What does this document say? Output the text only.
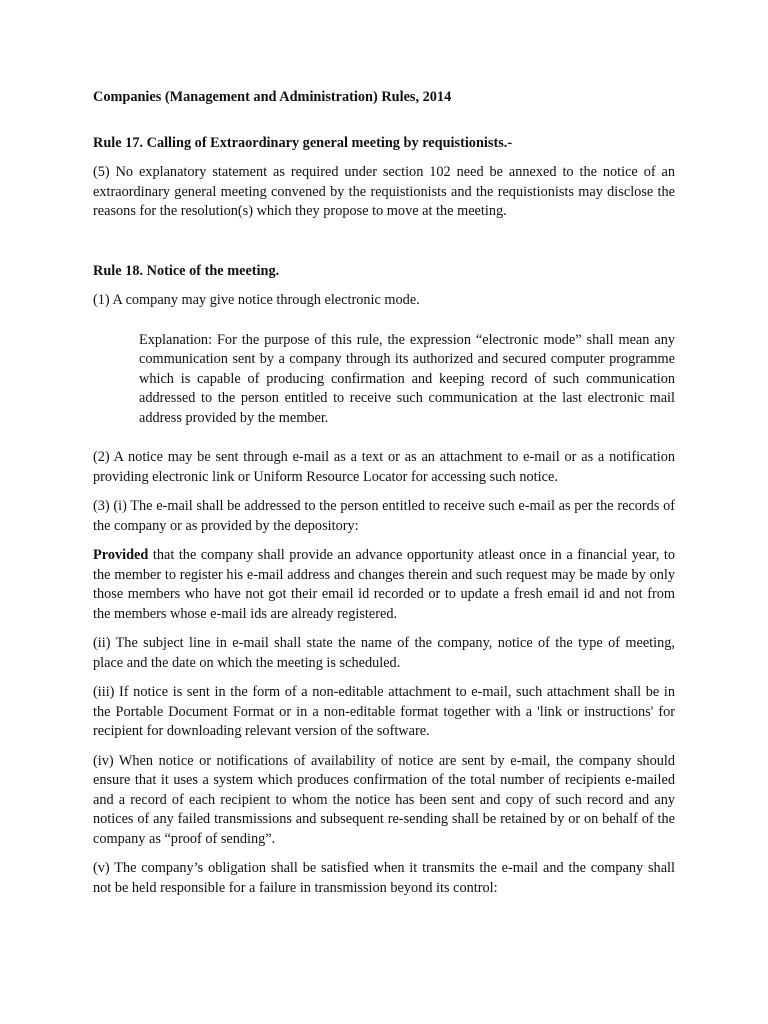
Companies (Management and Administration) Rules, 2014

Rule 17. Calling of Extraordinary general meeting by requistionists.-

(5) No explanatory statement as required under section 102 need be annexed to the notice of an extraordinary general meeting convened by the requistionists and the requistionists may disclose the reasons for the resolution(s) which they propose to move at the meeting.

Rule 18. Notice of the meeting.

(1) A company may give notice through electronic mode.

Explanation: For the purpose of this rule, the expression “electronic mode” shall mean any communication sent by a company through its authorized and secured computer programme which is capable of producing confirmation and keeping record of such communication addressed to the person entitled to receive such communication at the last electronic mail address provided by the member.

(2) A notice may be sent through e-mail as a text or as an attachment to e-mail or as a notification providing electronic link or Uniform Resource Locator for accessing such notice.

(3) (i) The e-mail shall be addressed to the person entitled to receive such e-mail as per the records of the company or as provided by the depository:

Provided that the company shall provide an advance opportunity atleast once in a financial year, to the member to register his e-mail address and changes therein and such request may be made by only those members who have not got their email id recorded or to update a fresh email id and not from the members whose e-mail ids are already registered.

(ii) The subject line in e-mail shall state the name of the company, notice of the type of meeting, place and the date on which the meeting is scheduled.

(iii) If notice is sent in the form of a non-editable attachment to e-mail, such attachment shall be in the Portable Document Format or in a non-editable format together with a 'link or instructions' for recipient for downloading relevant version of the software.

(iv) When notice or notifications of availability of notice are sent by e-mail, the company should ensure that it uses a system which produces confirmation of the total number of recipients e-mailed and a record of each recipient to whom the notice has been sent and copy of such record and any notices of any failed transmissions and subsequent re-sending shall be retained by or on behalf of the company as “proof of sending”.

(v) The company’s obligation shall be satisfied when it transmits the e-mail and the company shall not be held responsible for a failure in transmission beyond its control:
